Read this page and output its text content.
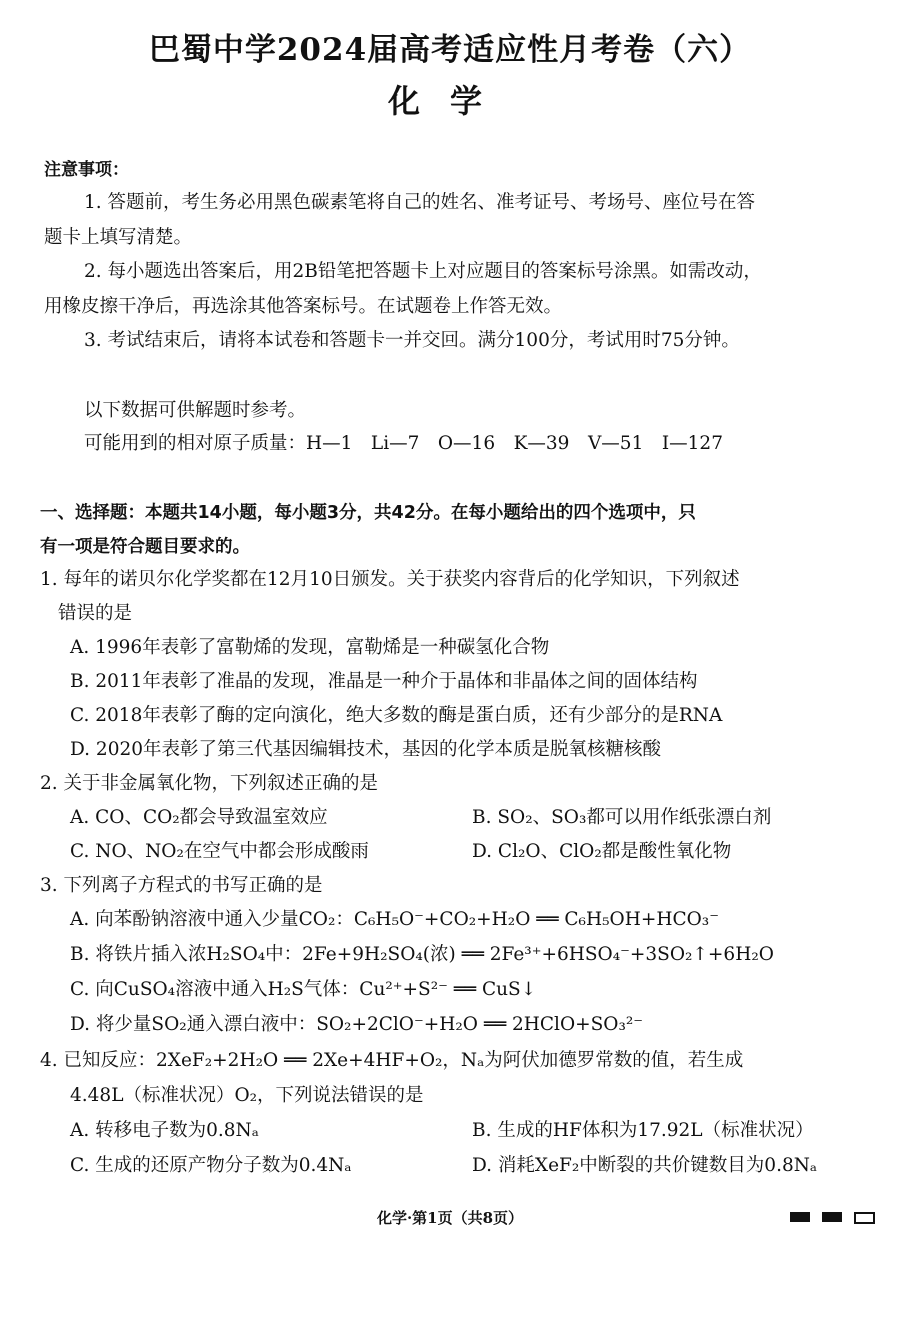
巴蜀中学2024届高考适应性月考卷（六）
化学
注意事项：
1. 答题前，考生务必用黑色碳素笔将自己的姓名、准考证号、考场号、座位号在答
题卡上填写清楚。
2. 每小题选出答案后，用2B铅笔把答题卡上对应题目的答案标号涂黑。如需改动，
用橡皮擦干净后，再选涂其他答案标号。在试题卷上作答无效。
3. 考试结束后，请将本试卷和答题卡一并交回。满分100分，考试用时75分钟。
以下数据可供解题时参考。
可能用到的相对原子质量：H—1　Li—7　O—16　K—39　V—51　I—127
一、选择题：本题共14小题，每小题3分，共42分。在每小题给出的四个选项中，只
有一项是符合题目要求的。
1. 每年的诺贝尔化学奖都在12月10日颁发。关于获奖内容背后的化学知识，下列叙述
错误的是
A. 1996年表彰了富勒烯的发现，富勒烯是一种碳氢化合物
B. 2011年表彰了准晶的发现，准晶是一种介于晶体和非晶体之间的固体结构
C. 2018年表彰了酶的定向演化，绝大多数的酶是蛋白质，还有少部分的是RNA
D. 2020年表彰了第三代基因编辑技术，基因的化学本质是脱氧核糖核酸
2. 关于非金属氧化物，下列叙述正确的是
A. CO、CO₂都会导致温室效应	B. SO₂、SO₃都可以用作纸张漂白剂
C. NO、NO₂在空气中都会形成酸雨	D. Cl₂O、ClO₂都是酸性氧化物
3. 下列离子方程式的书写正确的是
A. 向苯酚钠溶液中通入少量CO₂：C₆H₅O⁻+CO₂+H₂O ══ C₆H₅OH+HCO₃⁻
B. 将铁片插入浓H₂SO₄中：2Fe+9H₂SO₄(浓) ══ 2Fe³⁺+6HSO₄⁻+3SO₂↑+6H₂O
C. 向CuSO₄溶液中通入H₂S气体：Cu²⁺+S²⁻ ══ CuS↓
D. 将少量SO₂通入漂白液中：SO₂+2ClO⁻+H₂O ══ 2HClO+SO₃²⁻
4. 已知反应：2XeF₂+2H₂O ══ 2Xe+4HF+O₂，Nₐ为阿伏加德罗常数的值，若生成
4.48L（标准状况）O₂，下列说法错误的是
A. 转移电子数为0.8Nₐ	B. 生成的HF体积为17.92L（标准状况）
C. 生成的还原产物分子数为0.4Nₐ	D. 消耗XeF₂中断裂的共价键数目为0.8Nₐ
化学·第1页（共8页）
